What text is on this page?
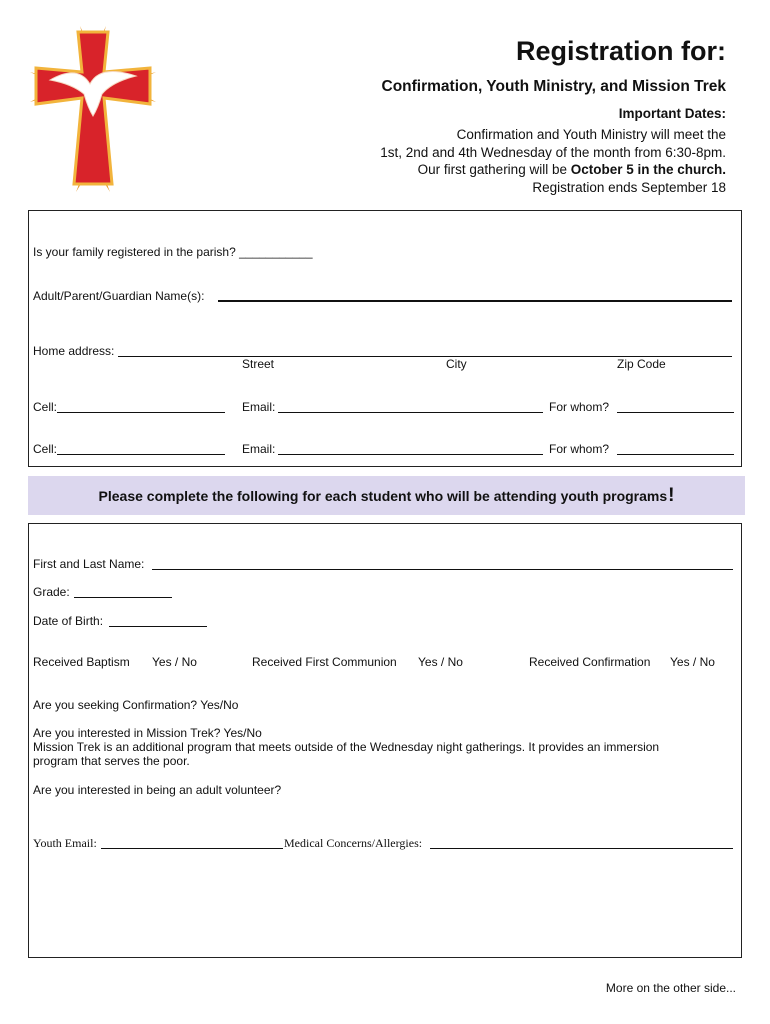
Registration for:
Confirmation, Youth Ministry, and Mission Trek
Important Dates:
Confirmation and Youth Ministry will meet the
1st, 2nd and 4th Wednesday of the month from 6:30-8pm.
Our first gathering will be October 5 in the church.
Registration ends September 18
Is your family registered in the parish? ___________
Adult/Parent/Guardian Name(s):
Home address:
Street	City	Zip Code
Cell:	Email:	For whom?
Cell:	Email:	For whom?
Please complete the following for each student who will be attending youth programs !
First and Last Name:
Grade:
Date of Birth:
Received Baptism Yes / No	Received First Communion Yes / No	Received Confirmation Yes / No
Are you seeking Confirmation? Yes/No
Are you interested in Mission Trek? Yes/No
Mission Trek is an additional program that meets outside of the Wednesday night gatherings. It provides an immersion
program that serves the poor.
Are you interested in being an adult volunteer?
Youth Email:	Medical Concerns/Allergies:
More on the other side...
